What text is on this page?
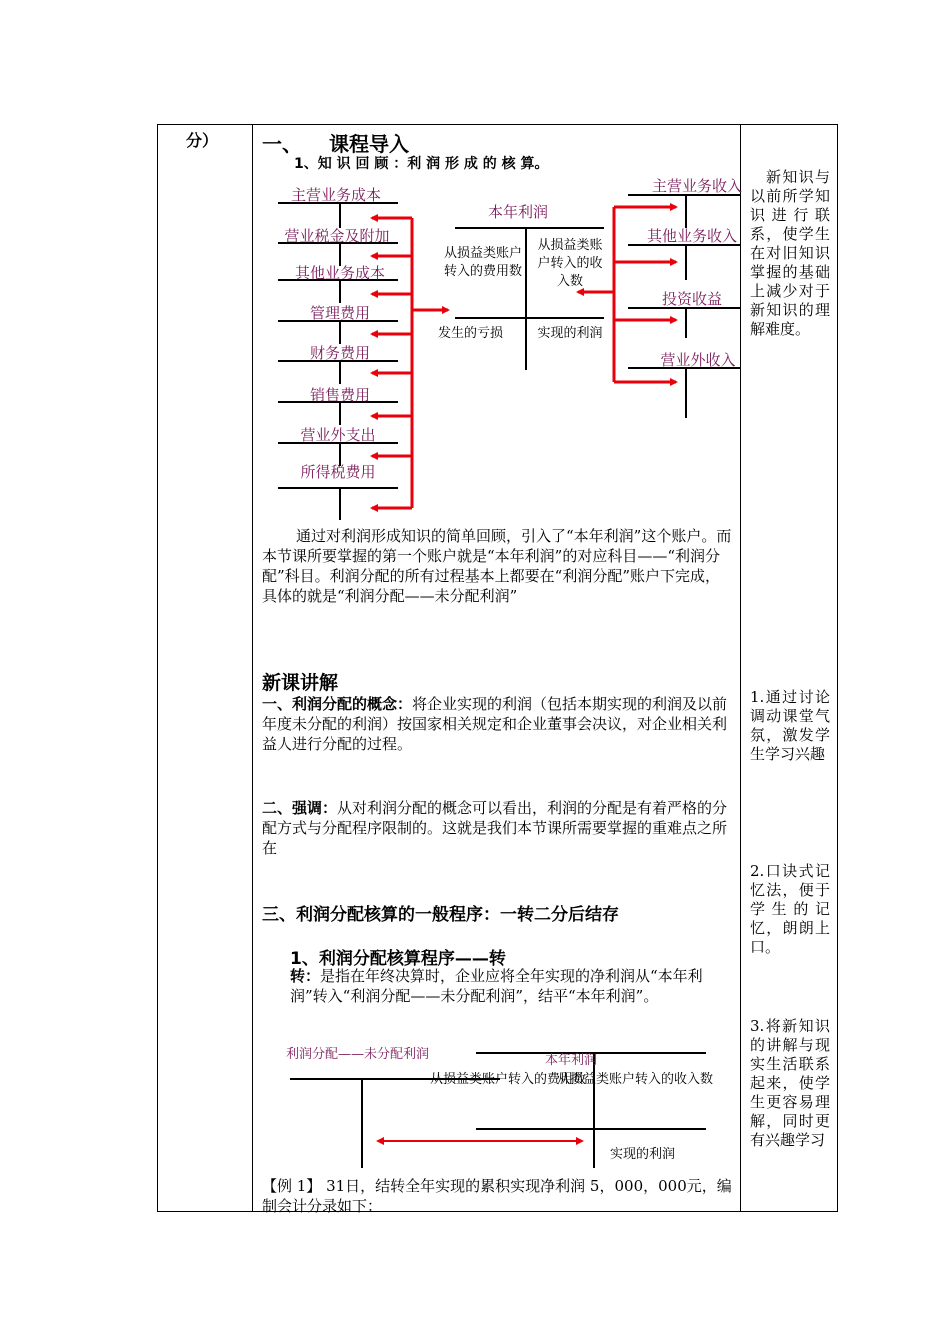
分） 一、 课程导入
1、知 识 回 顾 ：利 润 形 成 的 核 算。
主营业务成本
营业税金及附加
其他业务成本
管理费用
财务费用
销售费用
营业外支出
所得税费用
本年利润
从损益类账户转入的费用数
从损益类账户转入的收入数
发生的亏损	实现的利润
主营业务收入
其他业务收入
投资收益
营业外收入
通过对利润形成知识的简单回顾，引入了“本年利润”这个账户。而本节课所要掌握的第一个账户就是“本年利润”的对应科目——“利润分配”科目。利润分配的所有过程基本上都要在“利润分配”账户下完成，具体的就是“利润分配——未分配利润”
新课讲解
一、利润分配的概念：将企业实现的利润（包括本期实现的利润及以前年度未分配的利润）按国家相关规定和企业董事会决议，对企业相关利益人进行分配的过程。
二、强调：从对利润分配的概念可以看出，利润的分配是有着严格的分配方式与分配程序限制的。这就是我们本节课所需要掌握的重难点之所在
三、利润分配核算的一般程序：一转二分后结存
1、利润分配核算程序——转
转：是指在年终决算时，企业应将全年实现的净利润从“本年利润”转入“利润分配——未分配利润”，结平“本年利润”。
利润分配——未分配利润	本年利润
从损益类账户转入的费用数
从损益类账户转入的收入数
实现的利润
【例 1】 31日，结转全年实现的累积实现净利润 5，000，000元，编制会计分录如下：
新知识与以前所学知识进行联系，使学生在对旧知识掌握的基础上减少对于新知识的理解难度。
1.通过讨论调动课堂气氛，激发学生学习兴趣
2.口诀式记忆法，便于学生的记忆，朗朗上口。
3.将新知识的讲解与现实生活联系起来，使学生更容易理解，同时更有兴趣学习
